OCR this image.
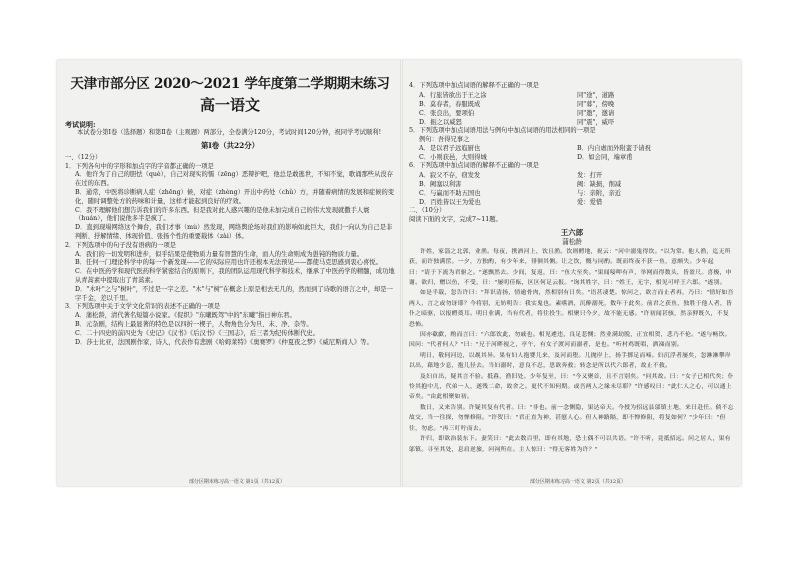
天津市部分区 2020～2021 学年度第二学期期末练习
高一语文
考试说明:

本试卷分第Ⅰ卷（选择题）和第Ⅱ卷（主观题）两部分，全卷满分120分，考试时间120分钟，祝同学考试顺利!

第Ⅰ卷（共22分）

一、（12分）

1．下列各句中的字形和加点字的字音都正确的一项是

A．他许为了自己的胆怯（què），自己对现实的懦（zēng）恶辩护吧，他总是敢逃世，不知不觉，歌诵那些从没存在过的东西。

B．通常，中医将诊断病人症（zhēng）候，对症（zhèng）开出中药处（chǔ）方，并随着病情的发展和症候的变化，随时调整处方的药味和计量，这样才能起到良好的疗效。

C．我不理解他们想告诉我们的许多东西。但是我对此人感兴趣的是他未加完成自己的伟大发现就撒手人寰（huán），他们说他多半是疯了。

D．直到现場网络这个舞台，我们才事（mù）然发现，网络舆论场对我们的影响如此巨大，我们一向认为自己是非判断、抒解情绪、体现价值、张扬个性的重要载体（zài）体。

2．下列选项中的句子没有语病的一项是

A．我们的一切发明和进步，似乎结果是使物质力量有智慧的生命，而人的生命则成为愚钝的物质力量。

B．任何一门理论科学中的每一个新发现——它的实际应用也许还根本无法预见——都使马克思感到衷心喜悦。

C．在中医药学和现代医药科学紧密结合的原则下，我的团队运用现代科学和技术，继承了中医药学的精髓，成功地从青蒿素中提取出了青蒿素。

D．"木叶"之与"树叶"，不过是一字之差。"木"与"树"在概念上原是相去无几的，然而到了诗歌的语言之中，却是一字千金，差以千里。

3．下列选项中关于文学文化常识的表述不正确的一项是

A．蒲松龄，清代著名短篇小说家。《促织》"东曦既驾"中的"东曦"指日神东君。

B．元杂剧，结构上最显著的特色是以四折一楔子，人物角色分为旦、末、净、杂等。

C．二十四史的前四史为《史记》《汉书》《后汉书》《三国志》，后三者为纪传体断代史。

D．莎士比亚，法国剧作家，诗人，代表作有悲剧《哈姆莱特》《奥赛罗》《仲夏夜之梦》《威尼斯商人》等。

部分区期末练习高一语文 第1页（共12页）

4．下列选项中加点词语的解释不正确的一项是

A．行旅皆欲出于王之涂	同"途"，道路
B．莫春者，春服既成	同"暮"，傍晚
C．张良出，要项伯	同"邀"，邀请
D．振之以威怒	同"震"，威吓

5．下列选项中加点词语用法与例句中加点词语的用法相同的一项是

例句：吾得兄事之

A．是以君子远庖厨也	B．内自虐而外附蛮于请祝
C．小则获邑，大则得城	D．如会同，端章甫

6．下列选项中加点词语的解释不正确的一项是

A．寂父不存，窃发发	发：打开
B．阙塞以利害	阙：缺损，削减
C．与赢而不助五国也	与：亲附，亲近
D．百姓皆以王为爱也	爱：爱惜

二、（10分）

阅读下面的文字，完成7~11题。

王六郎
蒲松龄

许姓，家淄之北郭，业渔。每夜，携酒河上，饮且渔。饮则酹地，祝云："河中溺鬼得饮。"以为常。他人渔，迄无所获，而许独满筐。一夕，方独酌，有少年来，徘徊其侧。让之饮，慨与同酌。既而终夜不获一鱼，意颇失。少年起曰："请于下流为君驱之。"遂飘然去。少间，复返，曰："鱼大至矣。"果闻唼呷有声，举网而得数头，皆盈尺。喜极，申谢。欲归，赠以鱼，不受，曰："屡叨佳酝，区区何足云报。"询其姓字，曰："姓王，无字，相见可呼王六郎。"遂别。

如是半载，忽告许曰："拜识清扬，情逾骨肉，然相别有日矣。"语甚凄楚。惊问之，欲言而止者再，乃曰："情好如吾两人，言之或勿讶耶？今将别，无妨明告：我实鬼也。素嗜酒，沉醉溺死，数年于此矣。前君之获鱼，独胜于他人者，皆仆之暗驱，以报酹奠耳。明日业满，当有代者，将往投生。相聚只今夕，故不能无感。"许初闻甚骇，然亲狎既久，不复恐怖。

因亦欷歔，酌而言曰："六郎饮此，勿戚也。相见遽违，良足悲恻；然业满劫脱，正宜相贺，悲乃不伦。"遂与畅饮。因问："代者何人？"曰："兄于河畔视之，亭午，有女子渡河而溺者，是也。"听村鸡既唱，洒涕而别。

明日，敬伺河边，以觇其异。果有妇人抱婴儿来，及河而堕。儿抛岸上，扬手掷足而啼。妇沉浮者屡矣，忽淋淋攀岸以出，藉地少息，抱儿径去。当妇溺时，意良不忍，思欲奔救；转念是所以代六郎者，故止不救。

及妇自出，疑其言不验。抵暮，渔旧处。少年复至，曰："今又聚首，且不言别矣。"问其故。曰："女子已相代矣；仆怜其抱中儿，代弟一人，遂残二命，故舍之。更代不知何期。或吾两人之缘未尽耶？"许感叹曰："此仁人之心，可以通上帝矣。"由此相聚如初。

数日，又来告别。许疑其复有代者。曰："非也。前一念恻隐，果达帝天。今授为招远县邬镇土地，来日赴任。倘不忘故交，当一往探，勿惮修阻。"许贺曰："君正直为神，甚慰人心。但人神路隔，即不惮修阻，将复如何？"少年曰："但往，勿虑。"再三叮咛而去。

许归，即欲治装东下。妻笑曰："此去数百里，即有其地，恐土偶不可以共语。"许不听，竟抵招远。问之居人，果有邬镇。寻至其处，息肩逆旅，问祠所在。主人惊曰："得无客姓为许？"

部分区期末练习高一语文 第2页（共12页）
